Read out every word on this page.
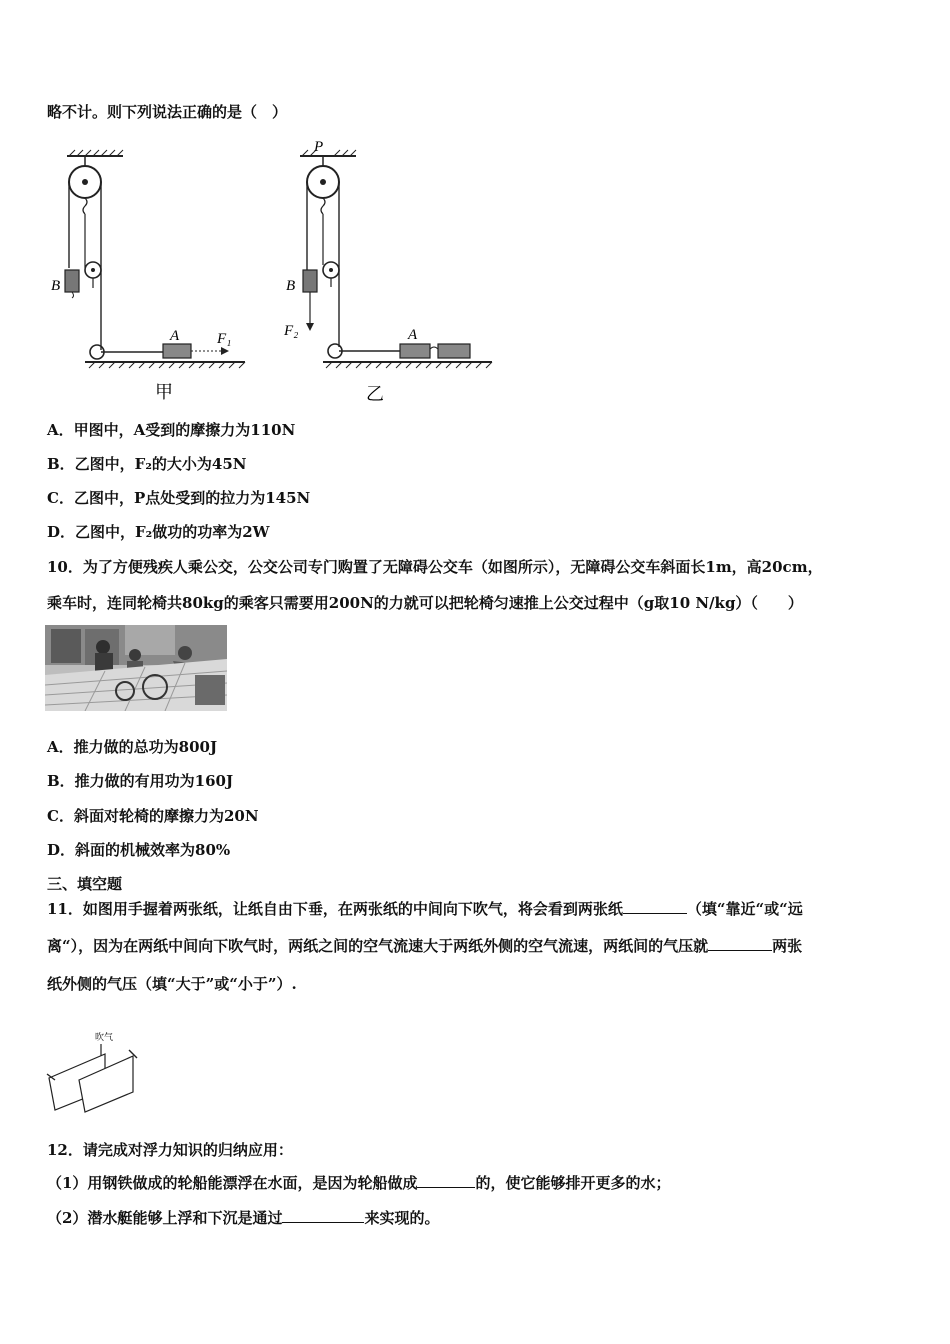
略不计。则下列说法正确的是（　）
B
A	F₁
甲
P
B
F₂	A
乙
A．甲图中，A受到的摩擦力为110N
B．乙图中，F₂的大小为45N
C．乙图中，P点处受到的拉力为145N
D．乙图中，F₂做功的功率为2W
10．为了方便残疾人乘公交，公交公司专门购置了无障碍公交车（如图所示），无障碍公交车斜面长1m，高20cm，
乘车时，连同轮椅共80kg的乘客只需要用200N的力就可以把轮椅匀速推上公交过程中（g取10 N/kg）（　　）
A．推力做的总功为800J
B．推力做的有用功为160J
C．斜面对轮椅的摩擦力为20N
D．斜面的机械效率为80%
三、填空题
11．如图用手握着两张纸，让纸自由下垂，在两张纸的中间向下吹气，将会看到两张纸	（填“靠近“或“远
离“），因为在两纸中间向下吹气时，两纸之间的空气流速大于两纸外侧的空气流速，两纸间的气压就	两张
纸外侧的气压（填“大于”或“小于”）.
吹气
12．请完成对浮力知识的归纳应用：
（1）用钢铁做成的轮船能漂浮在水面，是因为轮船做成	的，使它能够排开更多的水；
（2）潜水艇能够上浮和下沉是通过	来实现的。
